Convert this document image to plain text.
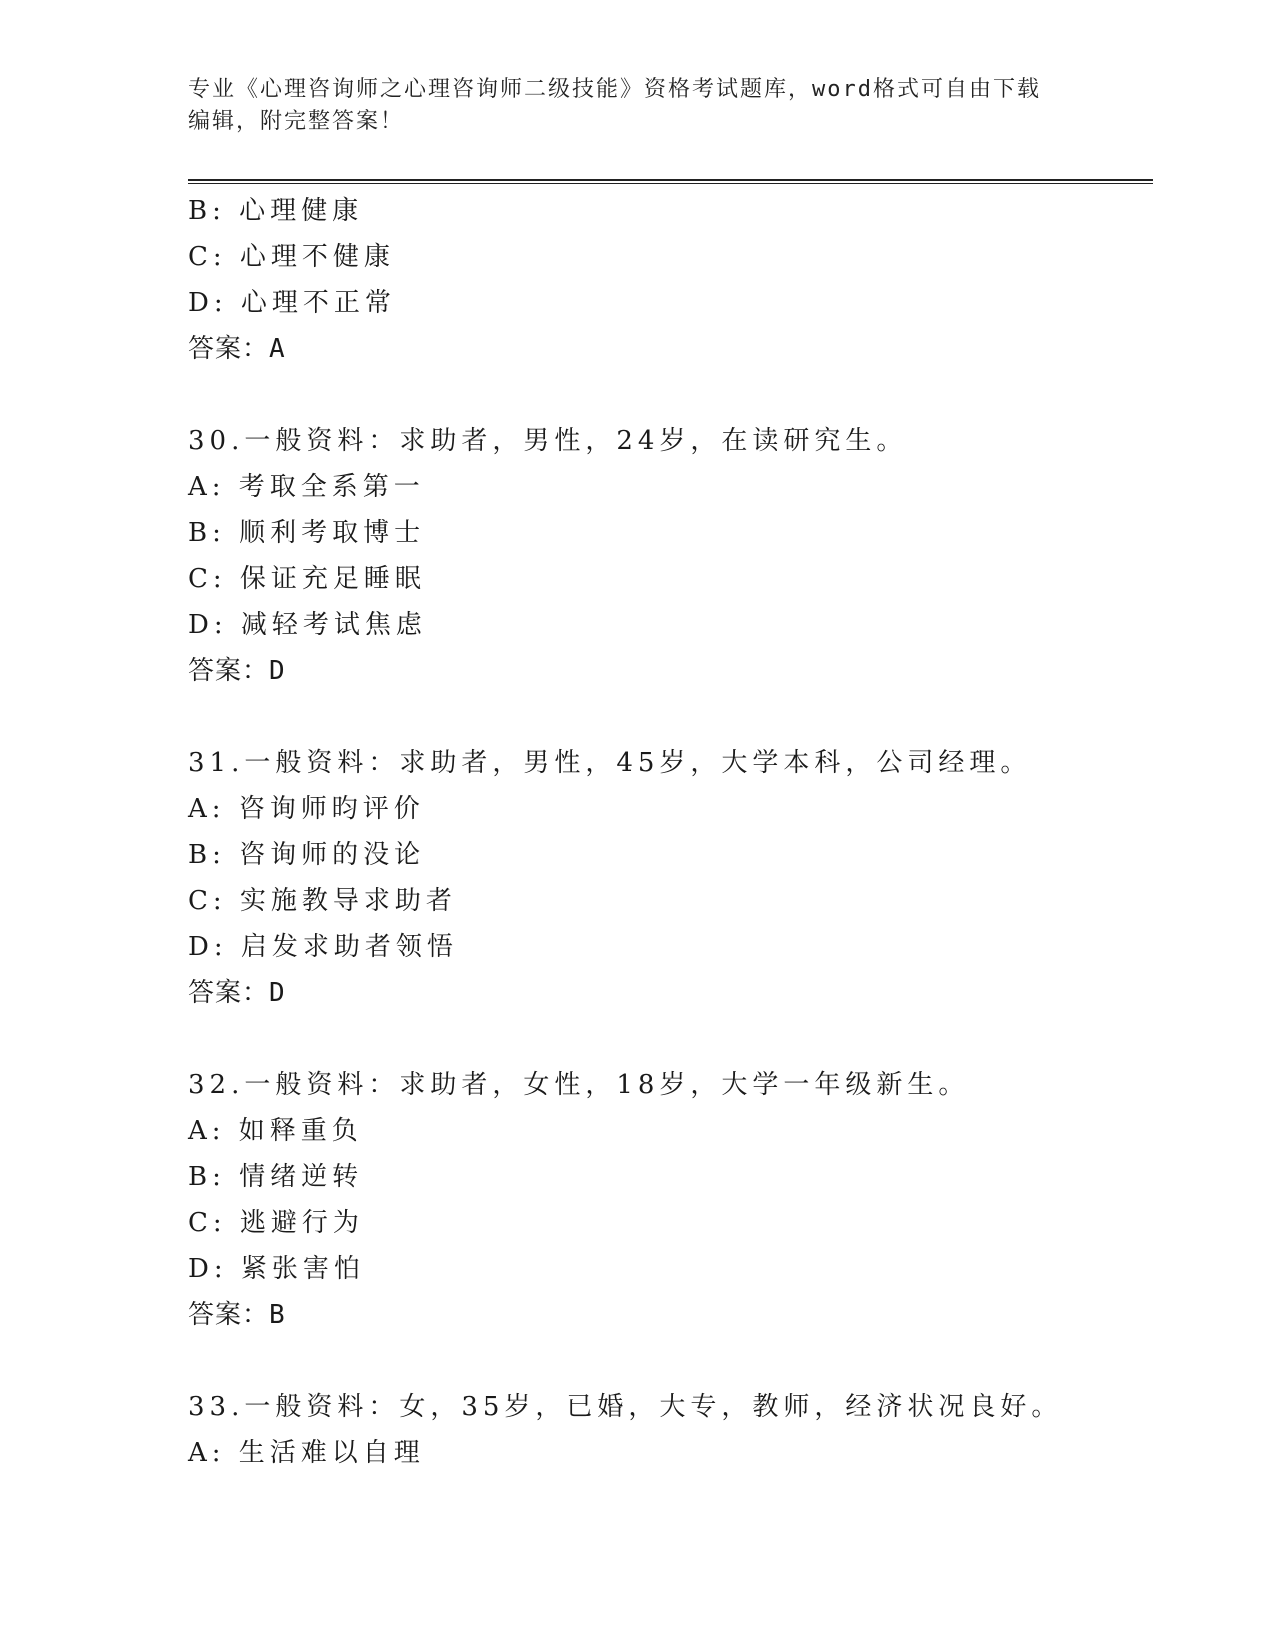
专业《心理咨询师之心理咨询师二级技能》资格考试题库，word格式可自由下载
编辑，附完整答案！
B: 心理健康
C: 心理不健康
D: 心理不正常
答案：A
30.一般资料：求助者，男性，24岁，在读研究生。
A: 考取全系第一
B: 顺利考取博士
C: 保证充足睡眠
D: 减轻考试焦虑
答案：D
31.一般资料：求助者，男性，45岁，大学本科，公司经理。
A: 咨询师昀评价
B: 咨询师的没论
C: 实施教导求助者
D: 启发求助者领悟
答案：D
32.一般资料：求助者，女性，18岁，大学一年级新生。
A: 如释重负
B: 情绪逆转
C: 逃避行为
D: 紧张害怕
答案：B
33.一般资料：女，35岁，已婚，大专，教师，经济状况良好。
A: 生活难以自理
